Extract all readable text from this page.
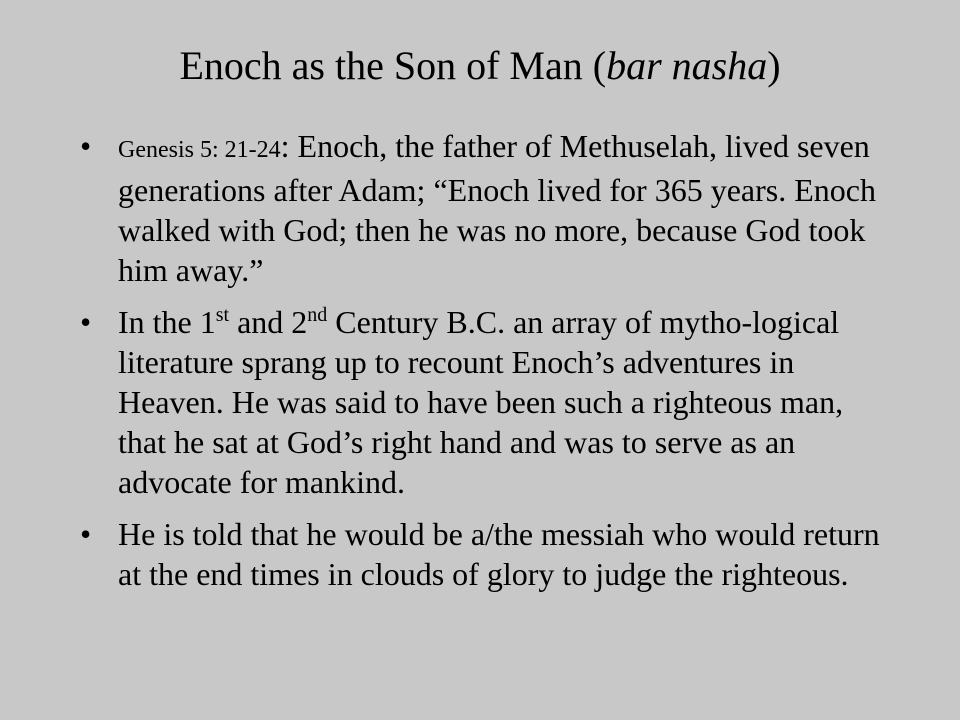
Enoch as the Son of Man (bar nasha)
• Genesis 5: 21-24: Enoch, the father of Methuselah, lived seven generations after Adam; “Enoch lived for 365 years. Enoch walked with God; then he was no more, because God took him away.”
• In the 1st and 2nd Century B.C. an array of mytho-logical literature sprang up to recount Enoch’s adventures in Heaven. He was said to have been such a righteous man, that he sat at God’s right hand and was to serve as an advocate for mankind.
• He is told that he would be a/the messiah who would return at the end times in clouds of glory to judge the righteous.
